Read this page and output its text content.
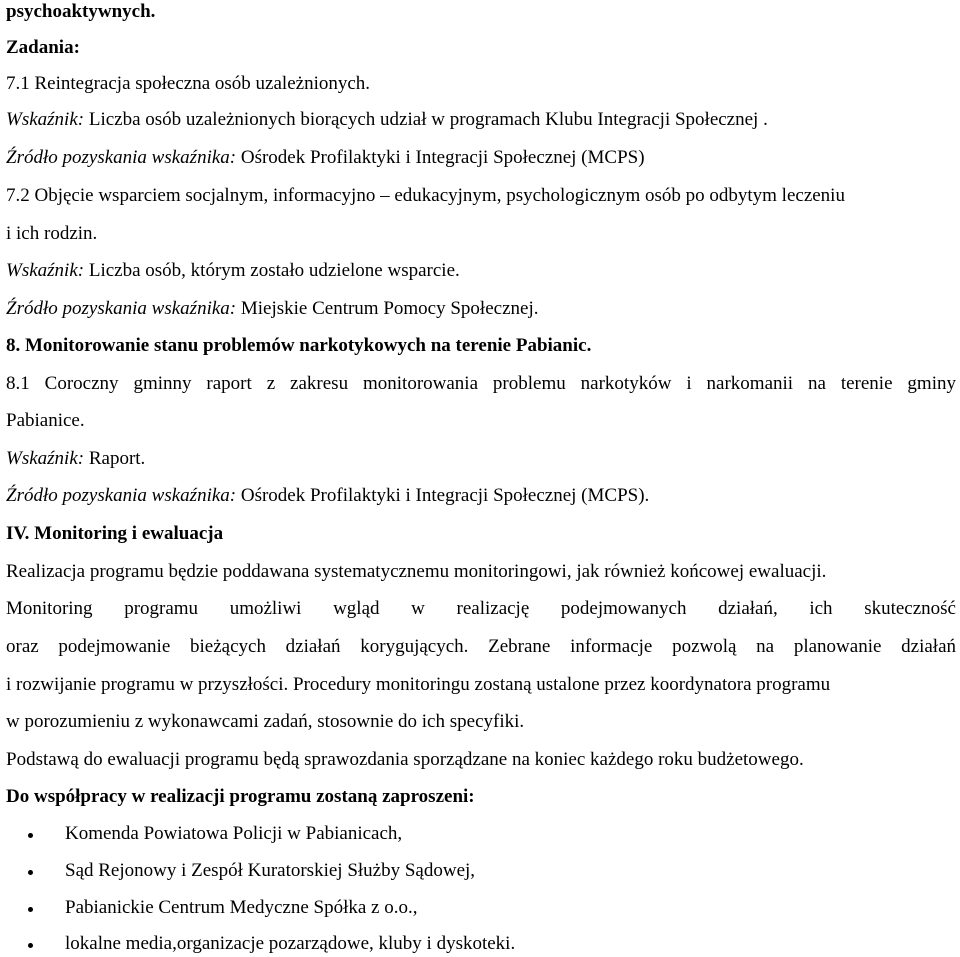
psychoaktywnych.
Zadania:
7.1 Reintegracja społeczna osób uzależnionych.
Wskaźnik: Liczba osób uzależnionych biorących udział w programach Klubu Integracji Społecznej .
Źródło pozyskania wskaźnika: Ośrodek Profilaktyki i Integracji Społecznej (MCPS)
7.2 Objęcie wsparciem socjalnym, informacyjno – edukacyjnym, psychologicznym osób po odbytym leczeniu
i ich rodzin.
Wskaźnik: Liczba osób, którym zostało udzielone wsparcie.
Źródło pozyskania wskaźnika: Miejskie Centrum Pomocy Społecznej.
8. Monitorowanie stanu problemów narkotykowych na terenie Pabianic.
8.1 Coroczny gminny raport z zakresu monitorowania problemu narkotyków i narkomanii na terenie gminy
Pabianice.
Wskaźnik: Raport.
Źródło pozyskania wskaźnika: Ośrodek Profilaktyki i Integracji Społecznej (MCPS).
IV. Monitoring i ewaluacja
Realizacja programu będzie poddawana systematycznemu monitoringowi, jak również końcowej ewaluacji.
Monitoring programu umożliwi wgląd w realizację podejmowanych działań, ich skuteczność
oraz podejmowanie bieżących działań korygujących. Zebrane informacje pozwolą na planowanie działań
i rozwijanie programu w przyszłości. Procedury monitoringu zostaną ustalone przez koordynatora programu
w porozumieniu z wykonawcami zadań, stosownie do ich specyfiki.
Podstawą do ewaluacji programu będą sprawozdania sporządzane na koniec każdego roku budżetowego.
Do współpracy w realizacji programu zostaną zaproszeni:
Komenda Powiatowa Policji w Pabianicach,
Sąd Rejonowy i Zespół Kuratorskiej Służby Sądowej,
Pabianickie Centrum Medyczne Spółka z o.o.,
lokalne media,organizacje pozarządowe, kluby i dyskoteki.
